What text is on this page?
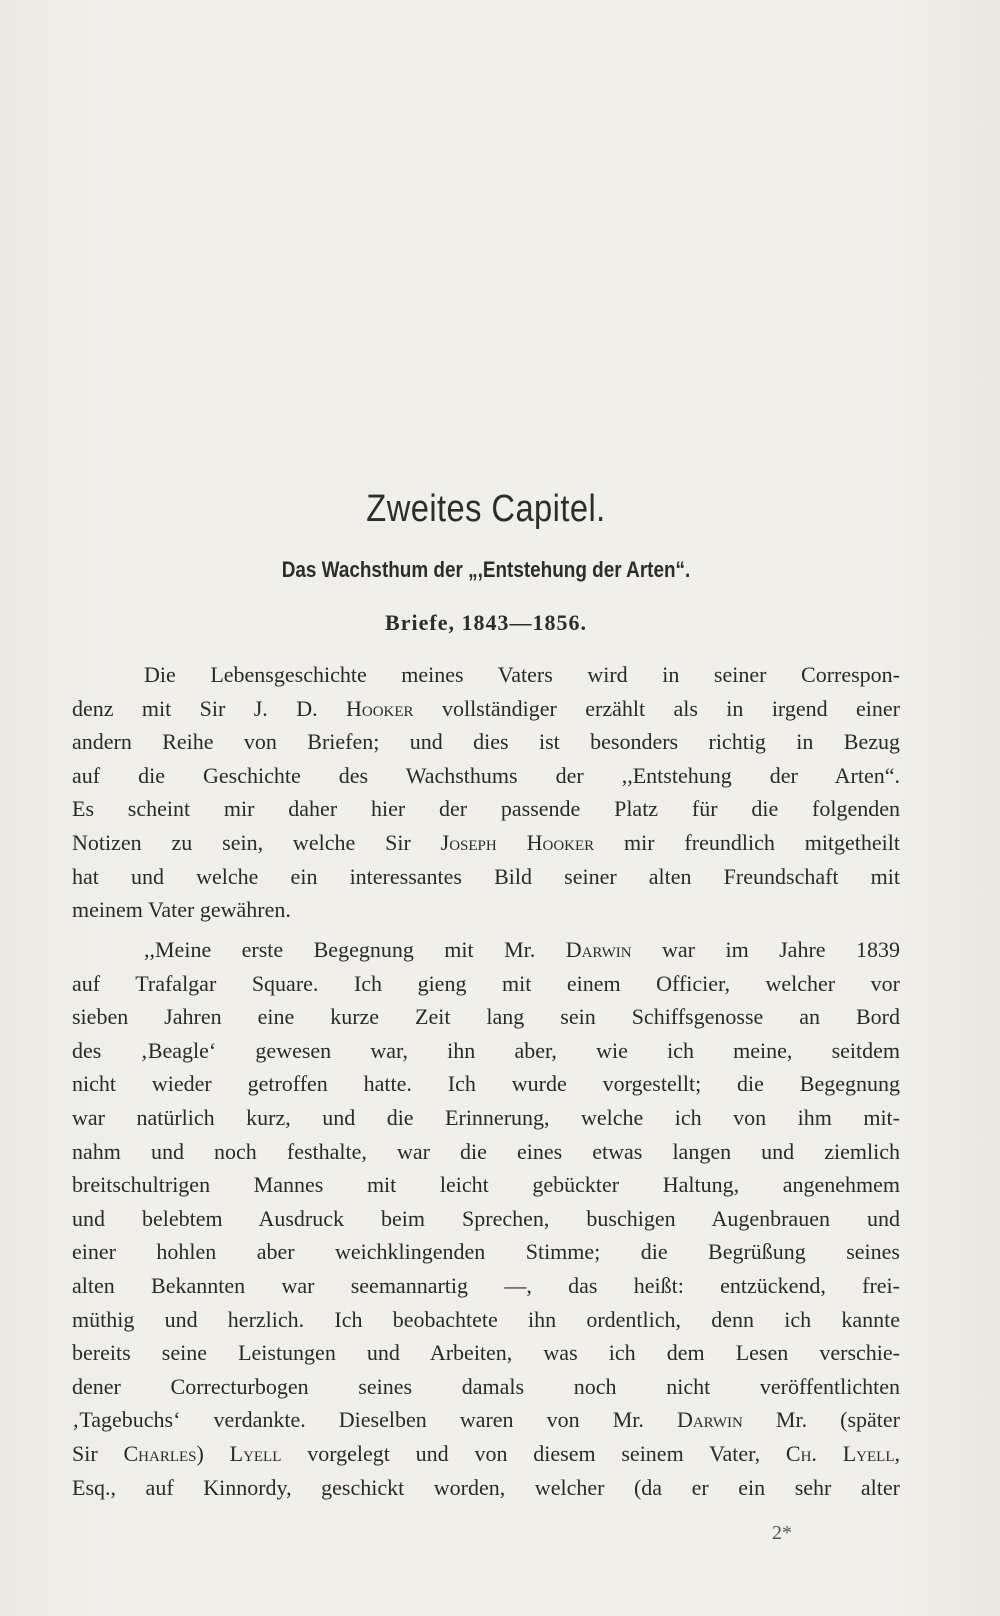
Zweites Capitel.
Das Wachsthum der „,Entstehung der Arten“.
Briefe, 1843—1856.
Die Lebensgeschichte meines Vaters wird in seiner Correspon-
denz mit Sir J. D. Hooker vollständiger erzählt als in irgend einer
andern Reihe von Briefen; und dies ist besonders richtig in Bezug
auf die Geschichte des Wachsthums der ,,Entstehung der Arten“.
Es scheint mir daher hier der passende Platz für die folgenden
Notizen zu sein, welche Sir Joseph Hooker mir freundlich mitgetheilt
hat und welche ein interessantes Bild seiner alten Freundschaft mit
meinem Vater gewähren.
,,Meine erste Begegnung mit Mr. Darwin war im Jahre 1839
auf Trafalgar Square. Ich gieng mit einem Officier, welcher vor
sieben Jahren eine kurze Zeit lang sein Schiffsgenosse an Bord
des ‚Beagle‘ gewesen war, ihn aber, wie ich meine, seitdem
nicht wieder getroffen hatte. Ich wurde vorgestellt; die Begegnung
war natürlich kurz, und die Erinnerung, welche ich von ihm mit-
nahm und noch festhalte, war die eines etwas langen und ziemlich
breitschultrigen Mannes mit leicht gebückter Haltung, angenehmem
und belebtem Ausdruck beim Sprechen, buschigen Augenbrauen und
einer hohlen aber weichklingenden Stimme; die Begrüßung seines
alten Bekannten war seemannartig —, das heißt: entzückend, frei-
müthig und herzlich. Ich beobachtete ihn ordentlich, denn ich kannte
bereits seine Leistungen und Arbeiten, was ich dem Lesen verschie-
dener Correcturbogen seines damals noch nicht veröffentlichten
‚Tagebuchs‘ verdankte. Dieselben waren von Mr. Darwin Mr. (später
Sir Charles) Lyell vorgelegt und von diesem seinem Vater, Ch. Lyell,
Esq., auf Kinnordy, geschickt worden, welcher (da er ein sehr alter
2*
